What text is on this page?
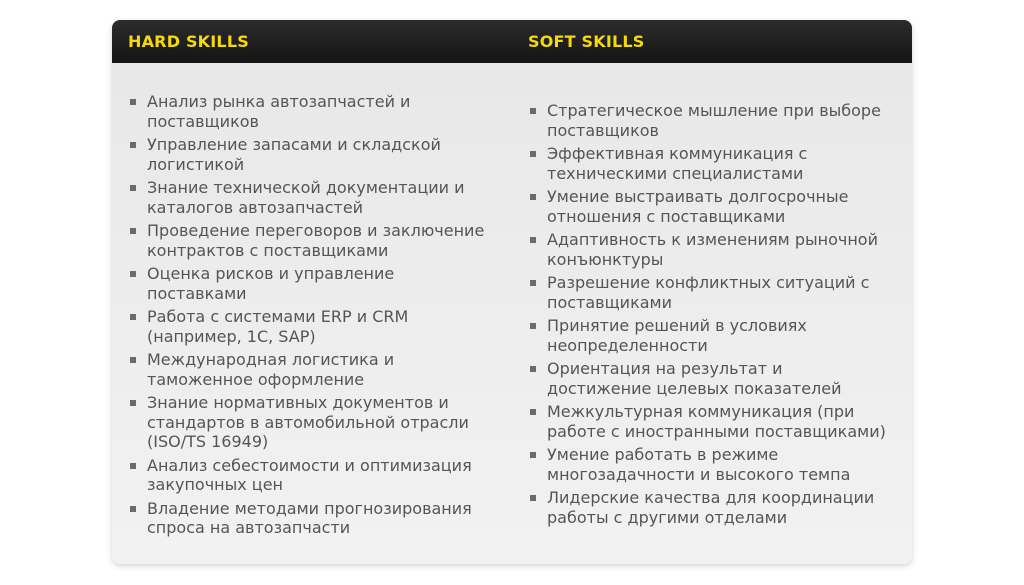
HARD SKILLS	SOFT SKILLS
Анализ рынка автозапчастей и поставщиков
Управление запасами и складской логистикой
Знание технической документации и каталогов автозапчастей
Проведение переговоров и заключение контрактов с поставщиками
Оценка рисков и управление поставками
Работа с системами ERP и CRM (например, 1С, SAP)
Международная логистика и таможенное оформление
Знание нормативных документов и стандартов в автомобильной отрасли (ISO/TS 16949)
Анализ себестоимости и оптимизация закупочных цен
Владение методами прогнозирования спроса на автозапчасти
Стратегическое мышление при выборе поставщиков
Эффективная коммуникация с техническими специалистами
Умение выстраивать долгосрочные отношения с поставщиками
Адаптивность к изменениям рыночной конъюнктуры
Разрешение конфликтных ситуаций с поставщиками
Принятие решений в условиях неопределенности
Ориентация на результат и достижение целевых показателей
Межкультурная коммуникация (при работе с иностранными поставщиками)
Умение работать в режиме многозадачности и высокого темпа
Лидерские качества для координации работы с другими отделами
